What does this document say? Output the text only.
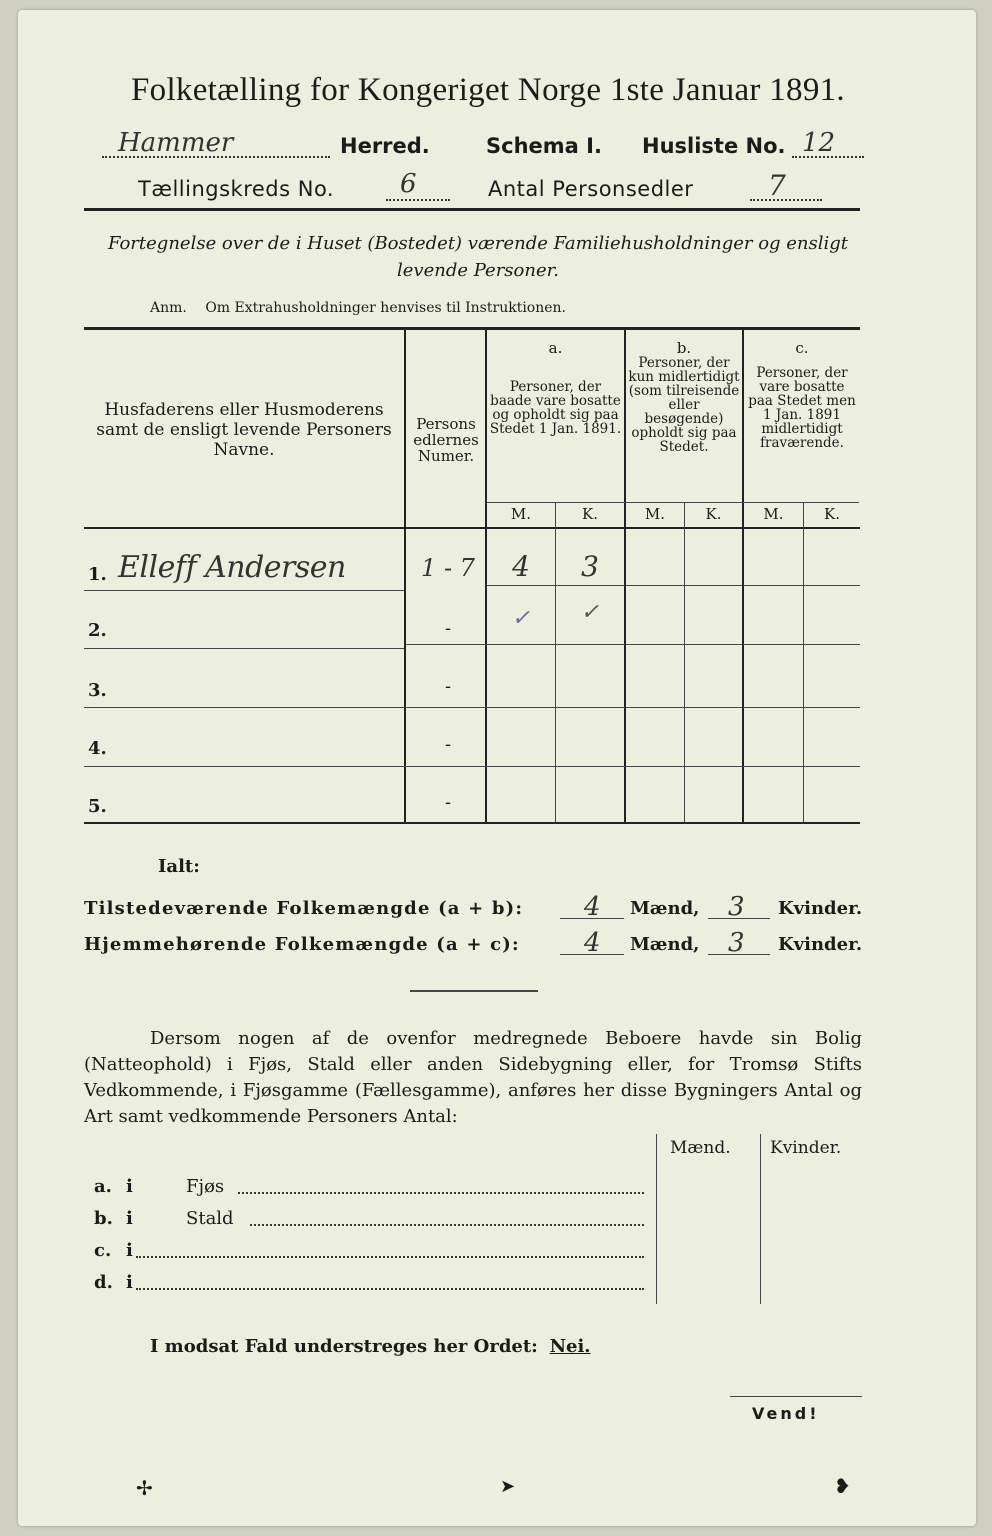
Folketælling for Kongeriget Norge 1ste Januar 1891.
Hammer	Herred.	Schema I. Husliste No. 12
Tællingskreds No.	6	Antal Personsedler	7
Fortegnelse over de i Huset (Bostedet) værende Familiehusholdninger og ensligt levende Personer.
Anm. Om Extrahusholdninger henvises til Instruktionen.
Husfaderens eller Husmoderens samt de ensligt levende Personers Navne.
Personsedlernes Numer.
a.
Personer, der baade vare bosatte og opholdt sig paa Stedet 1 Jan. 1891.
b.
Personer, der kun midlertidigt (som tilreisende eller besøgende) opholdt sig paa Stedet.
c.
Personer, der vare bosatte paa Stedet men 1 Jan. 1891 midlertidigt fraværende.
M.	K.	M.	K.	M.	K.
1. Elleff Andersen	1 - 7	4	3
2.	-	✓	✓
3.	-
4.	-
5.	-
Ialt:
Tilstedeværende Folkemængde (a + b): 4 Mænd, 3 Kvinder.
Hjemmehørende Folkemængde (a + c): 4 Mænd, 3 Kvinder.
Dersom nogen af de ovenfor medregnede Beboere havde sin Bolig (Natteophold) i Fjøs, Stald eller anden Sidebygning eller, for Tromsø Stifts Vedkommende, i Fjøsgamme (Fællesgamme), anføres her disse Bygningers Antal og Art samt vedkommende Personers Antal:
Mænd. Kvinder.
a. i	Fjøs
b. i	Stald
c. i
d. i
I modsat Fald understreges her Ordet: Nei.
Vend!
✢	➤	❥
